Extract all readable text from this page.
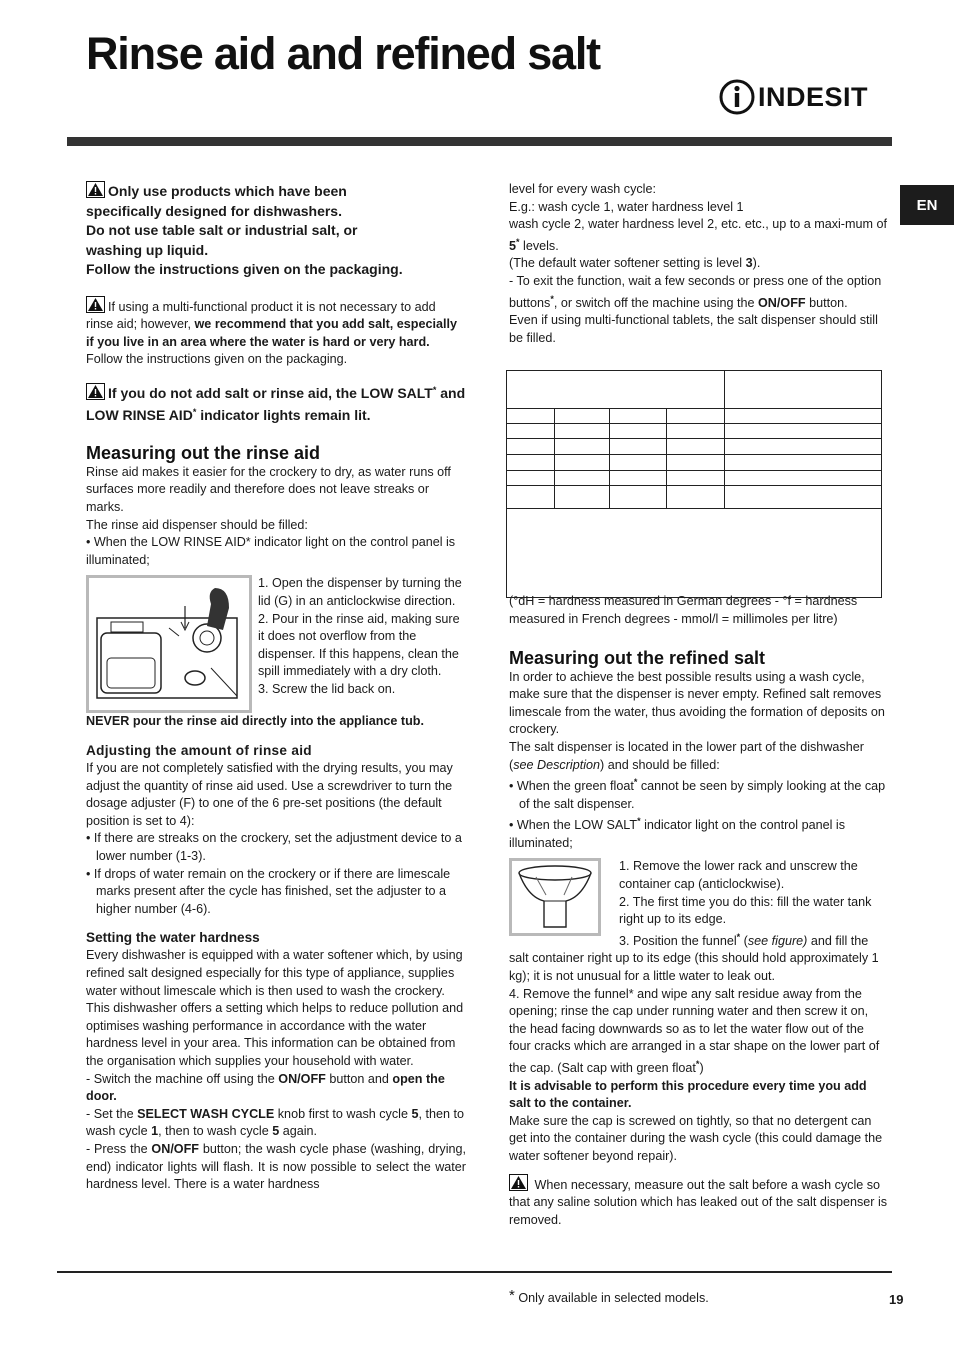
Rinse aid and refined salt
INDESIT
EN
Only use products which have been
specifically designed for dishwashers.
Do not use table salt or industrial salt, or
washing up liquid.
Follow the instructions given on the packaging.

If using a multi-functional product it is not necessary to add rinse aid; however, we recommend that you add salt, especially if you live in an area where the water is hard or very hard. Follow the instructions given on the packaging.

If you do not add salt or rinse aid, the LOW SALT* and LOW RINSE AID* indicator lights remain lit.
Measuring out the rinse aid

Rinse aid makes it easier for the crockery to dry, as water runs off surfaces more readily and therefore does not leave streaks or marks.

The rinse aid dispenser should be filled:

• When the LOW RINSE AID* indicator light on the control panel is illuminated;

1. Open the dispenser by turning the lid (G) in an anticlockwise direction.

2. Pour in the rinse aid, making sure it does not overflow from the dispenser. If this happens, clean the spill immediately with a dry cloth.

3. Screw the lid back on.

NEVER pour the rinse aid directly into the appliance tub.

Adjusting the amount of rinse aid

If you are not completely satisfied with the drying results, you may adjust the quantity of rinse aid used. Use a screwdriver to turn the dosage adjuster (F) to one of the 6 pre-set positions (the default position is set to 4):

• If there are streaks on the crockery, set the adjustment device to a lower number (1-3).

• If drops of water remain on the crockery or if there are limescale marks present after the cycle has finished, set the adjuster to a higher number (4-6).

Setting the water hardness

Every dishwasher is equipped with a water softener which, by using refined salt designed especially for this type of appliance, supplies water without limescale which is then used to wash the crockery.

This dishwasher offers a setting which helps to reduce pollution and optimises washing performance in accordance with the water hardness level in your area. This information can be obtained from the organisation which supplies your household with water.

- Switch the machine off using the ON/OFF button and open the door.

- Set the SELECT WASH CYCLE knob first to wash cycle 5, then to wash cycle 1, then to wash cycle 5 again.

- Press the ON/OFF button; the wash cycle phase (washing, drying, end) indicator lights will flash. It is now possible to select the water hardness level. There is a water hardness

level for every wash cycle:

E.g.: wash cycle 1, water hardness level 1

wash cycle 2, water hardness level 2, etc. etc., up to a maxi-mum of 5* levels.

(The default water softener setting is level 3).

- To exit the function, wait a few seconds or press one of the option buttons*, or switch off the machine using the ON/OFF button.

Even if using multi-functional tablets, the salt dispenser should still be filled.

(°dH = hardness measured in German degrees - °f = hardness measured in French degrees - mmol/l = millimoles per litre)

Measuring out the refined salt

In order to achieve the best possible results using a wash cycle, make sure that the dispenser is never empty. Refined salt removes limescale from the water, thus avoiding the formation of deposits on crockery.

The salt dispenser is located in the lower part of the dishwasher (see Description) and should be filled:

• When the green float* cannot be seen by simply looking at the cap of the salt dispenser.

• When the LOW SALT* indicator light on the control panel is illuminated;

1. Remove the lower rack and unscrew the container cap (anticlockwise).

2. The first time you do this: fill the water tank right up to its edge.

3. Position the funnel* (see figure) and fill the salt container right up to its edge (this should hold approximately 1 kg); it is not unusual for a little water to leak out.

4. Remove the funnel* and wipe any salt residue away from the opening; rinse the cap under running water and then screw it on, the head facing downwards so as to let the water flow out of the four cracks which are arranged in a star shape on the lower part of the cap. (Salt cap with green float*)

It is advisable to perform this procedure every time you add salt to the container.

Make sure the cap is screwed on tightly, so that no detergent can get into the container during the wash cycle (this could damage the water softener beyond repair).

When necessary, measure out the salt before a wash cycle so that any saline solution which has leaked out of the salt dispenser is removed.

* Only available in selected models.	19
